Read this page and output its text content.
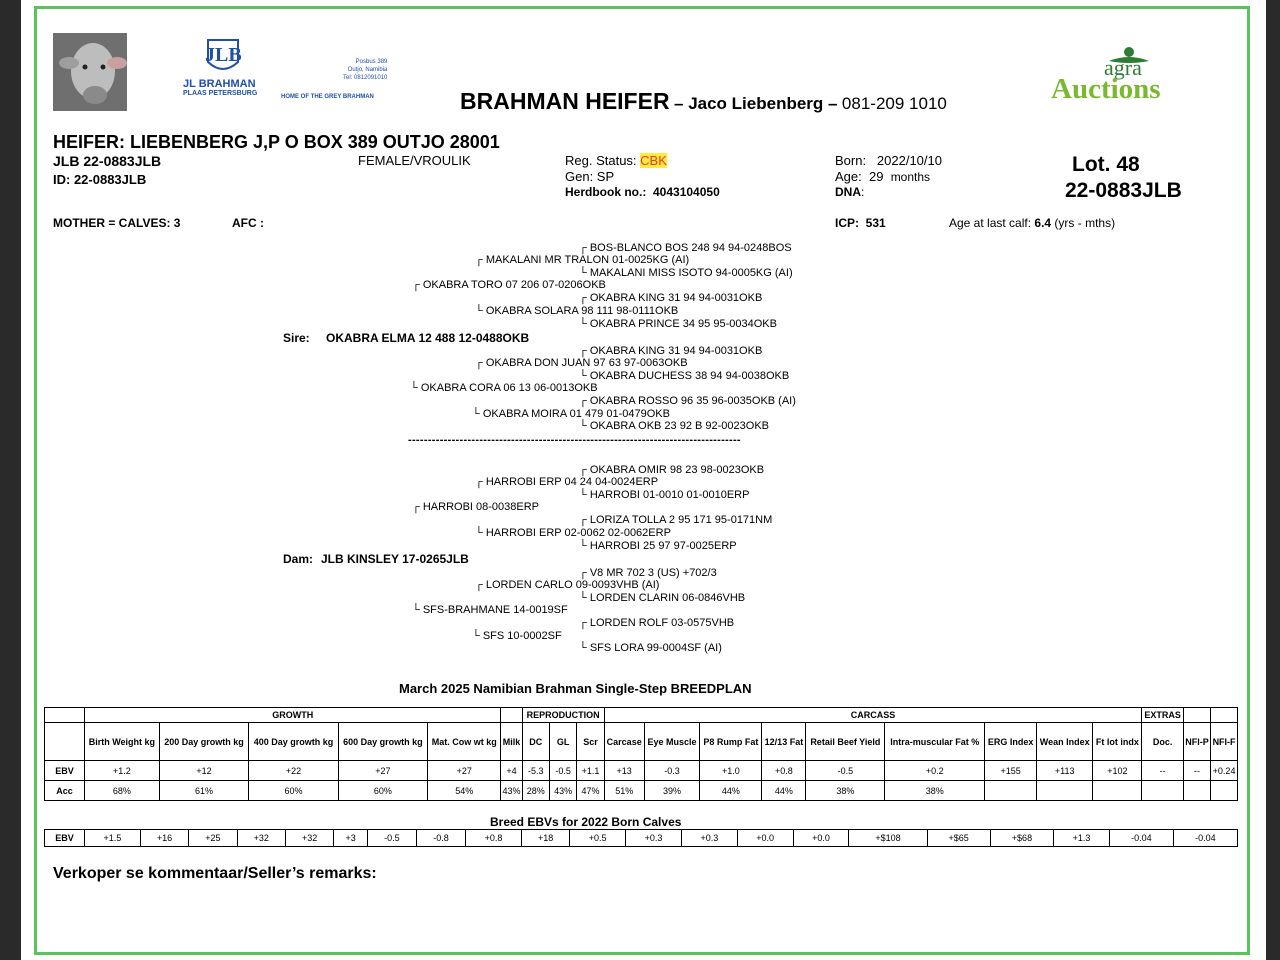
JLB
JL BRAHMAN
PLAAS PETERSBURG	HOME OF THE GREY BRAHMAN
Posbus 389
Outjo, Namibia
Tel: 0812091010	agra
Auctions
BRAHMAN HEIFER – Jaco Liebenberg – 081-209 1010
HEIFER: LIEBENBERG J,P O BOX 389 OUTJO 28001
JLB 22-0883JLB
ID: 22-0883JLB
FEMALE/VROULIK	Reg. Status: CBK
Gen: SP
Herdbook no.: 4043104050
Born: 2022/10/10
Age: 29 months
DNA:
Lot. 48
22-0883JLB
MOTHER = CALVES: 3	AFC :	ICP: 531	Age at last calf: 6.4 (yrs - mths)
┌ BOS-BLANCO BOS 248 94 94-0248BOS
┌ MAKALANI MR TRALON 01-0025KG (AI)
└ MAKALANI MISS ISOTO 94-0005KG (AI)
┌ OKABRA TORO 07 206 07-0206OKB
┌ OKABRA KING 31 94 94-0031OKB
└ OKABRA SOLARA 98 111 98-0111OKB
└ OKABRA PRINCE 34 95 95-0034OKB
Sire: OKABRA ELMA 12 488 12-0488OKB
┌ OKABRA KING 31 94 94-0031OKB
┌ OKABRA DON JUAN 97 63 97-0063OKB
└ OKABRA DUCHESS 38 94 94-0038OKB
└ OKABRA CORA 06 13 06-0013OKB
┌ OKABRA ROSSO 96 35 96-0035OKB (AI)
└ OKABRA MOIRA 01 479 01-0479OKB
└ OKABRA OKB 23 92 B 92-0023OKB
------------------------------------------------------------------------------------
┌ OKABRA OMIR 98 23 98-0023OKB
┌ HARROBI ERP 04 24 04-0024ERP
└ HARROBI 01-0010 01-0010ERP
┌ HARROBI 08-0038ERP
┌ LORIZA TOLLA 2 95 171 95-0171NM
└ HARROBI ERP 02-0062 02-0062ERP
└ HARROBI 25 97 97-0025ERP
Dam: JLB KINSLEY 17-0265JLB
┌ V8 MR 702 3 (US) +702/3
┌ LORDEN CARLO 09-0093VHB (AI)
└ LORDEN CLARIN 06-0846VHB
└ SFS-BRAHMANE 14-0019SF
┌ LORDEN ROLF 03-0575VHB
└ SFS 10-0002SF
└ SFS LORA 99-0004SF (AI)
March 2025 Namibian Brahman Single-Step BREEDPLAN
	GROWTH						REPRODUCTION			CARCASS									EXTRAS		
	Birth Weight kg	200 Day growth kg	400 Day growth kg	600 Day growth kg	Mat. Cow wt kg	Milk	DC	GL	Scr	Carcase	Eye Muscle	P8 Rump Fat	12/13 Fat	Retail Beef Yield	Intra-muscular Fat %	ERG Index	Wean Index	Ft lot indx	Doc.	NFI-P	NFI-F
EBV	+1.2	+12	+22	+27	+27	+4	-5.3	-0.5	+1.1	+13	-0.3	+1.0	+0.8	-0.5	+0.2	+155	+113	+102	--	--	+0.24
Acc	68%	61%	60%	60%	54%	43%	28%	43%	47%	51%	39%	44%	44%	38%	38%						
Breed EBVs for 2022 Born Calves
EBV	+1.5	+16	+25	+32	+32	+3	-0.5	-0.8	+0.8	+18	+0.5	+0.3	+0.3	+0.0	+0.0	+$108	+$65	+$68	+1.3	-0.04	-0.04
Verkoper se kommentaar/Seller’s remarks:
